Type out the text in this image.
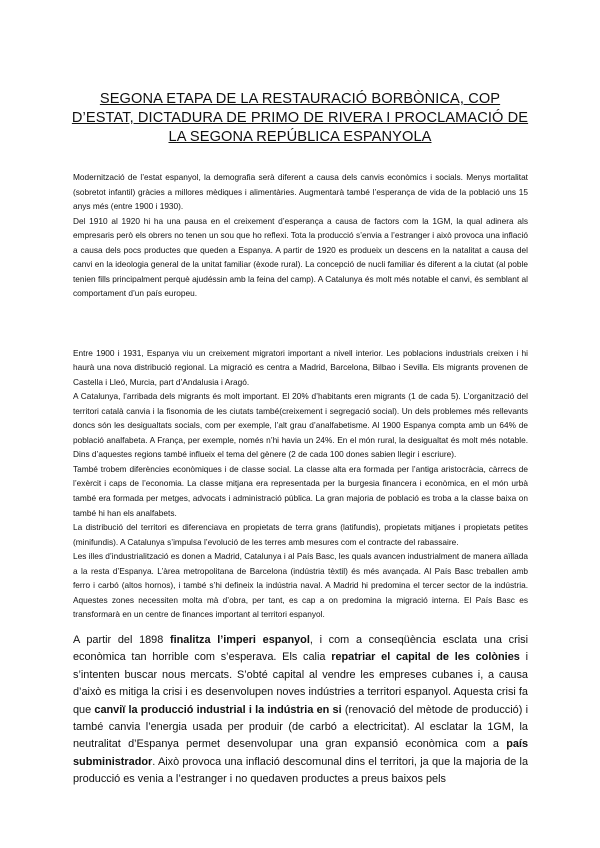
SEGONA ETAPA DE LA RESTAURACIÓ BORBÒNICA, COP D’ESTAT, DICTADURA DE PRIMO DE RIVERA I PROCLAMACIÓ DE LA SEGONA REPÚBLICA ESPANYOLA

Modernització de l’estat espanyol, la demografia serà diferent a causa dels canvis econòmics i socials. Menys mortalitat (sobretot infantil) gràcies a millores mèdiques i alimentàries. Augmentarà també l’esperança de vida de la població uns 15 anys més (entre 1900 i 1930).

Del 1910 al 1920 hi ha una pausa en el creixement d’esperança a causa de factors com la 1GM, la qual adinera als empresaris però els obrers no tenen un sou que ho reflexi. Tota la producció s’envia a l’estranger i això provoca una inflació a causa dels pocs productes que queden a Espanya. A partir de 1920 es produeix un descens en la natalitat a causa del canvi en la ideologia general de la unitat familiar (èxode rural). La concepció de nucli familiar és diferent a la ciutat (al poble tenien fills principalment perquè ajudéssin amb la feina del camp). A Catalunya és molt més notable el canvi, és semblant al comportament d’un país europeu.

Entre 1900 i 1931, Espanya viu un creixement migratori important a nivell interior. Les poblacions industrials creixen i hi haurà una nova distribució regional. La migració es centra a Madrid, Barcelona, Bilbao i Sevilla. Els migrants provenen de Castella i Lleó, Murcia, part d’Andalusia i Aragó.

A Catalunya, l’arribada dels migrants és molt important. El 20% d’habitants eren migrants (1 de cada 5). L’organització del territori català canvia i la fisonomia de les ciutats també(creixement i segregació social). Un dels problemes més rellevants doncs són les desigualtats socials, com per exemple, l’alt grau d’analfabetisme. Al 1900 Espanya compta amb un 64% de població analfabeta. A França, per exemple, només n’hi havia un 24%. En el món rural, la desigualtat és molt més notable. Dins d’aquestes regions també influeix el tema del gènere (2 de cada 100 dones sabien llegir i escriure).

També trobem diferències econòmiques i de classe social. La classe alta era formada per l’antiga aristocràcia, càrrecs de l’exèrcit i caps de l’economia. La classe mitjana era representada per la burgesia financera i econòmica, en el món urbà també era formada per metges, advocats i administració pública. La gran majoria de població es troba a la classe baixa on també hi han els analfabets.

La distribució del territori es diferenciava en propietats de terra grans (latifundis), propietats mitjanes i propietats petites (minifundis). A Catalunya s’impulsa l’evolució de les terres amb mesures com el contracte del rabassaire.

Les illes d’industrialització es donen a Madrid, Catalunya i al País Basc, les quals avancen industrialment de manera aïllada a la resta d’Espanya. L’àrea metropolitana de Barcelona (indústria tèxtil) és més avançada. Al País Basc treballen amb ferro i carbó (altos hornos), i també s’hi defineix la indústria naval. A Madrid hi predomina el tercer sector de la indústria. Aquestes zones necessiten molta mà d’obra, per tant, es cap a on predomina la migració interna. El País Basc es transformarà en un centre de finances important al territori espanyol.

A partir del 1898 finalitza l’imperi espanyol, i com a conseqüència esclata una crisi econòmica tan horrible com s’esperava. Els calia repatriar el capital de les colònies i s’intenten buscar nous mercats. S’obté capital al vendre les empreses cubanes i, a causa d’això es mitiga la crisi i es desenvolupen noves indústries a territori espanyol. Aquesta crisi fa que canviï la producció industrial i la indústria en si (renovació del mètode de producció) i també canvia l’energia usada per produir (de carbó a electricitat). Al esclatar la 1GM, la neutralitat d’Espanya permet desenvolupar una gran expansió econòmica com a país subministrador. Això provoca una inflació descomunal dins el territori, ja que la majoria de la producció es venia a l’estranger i no quedaven productes a preus baixos pels
